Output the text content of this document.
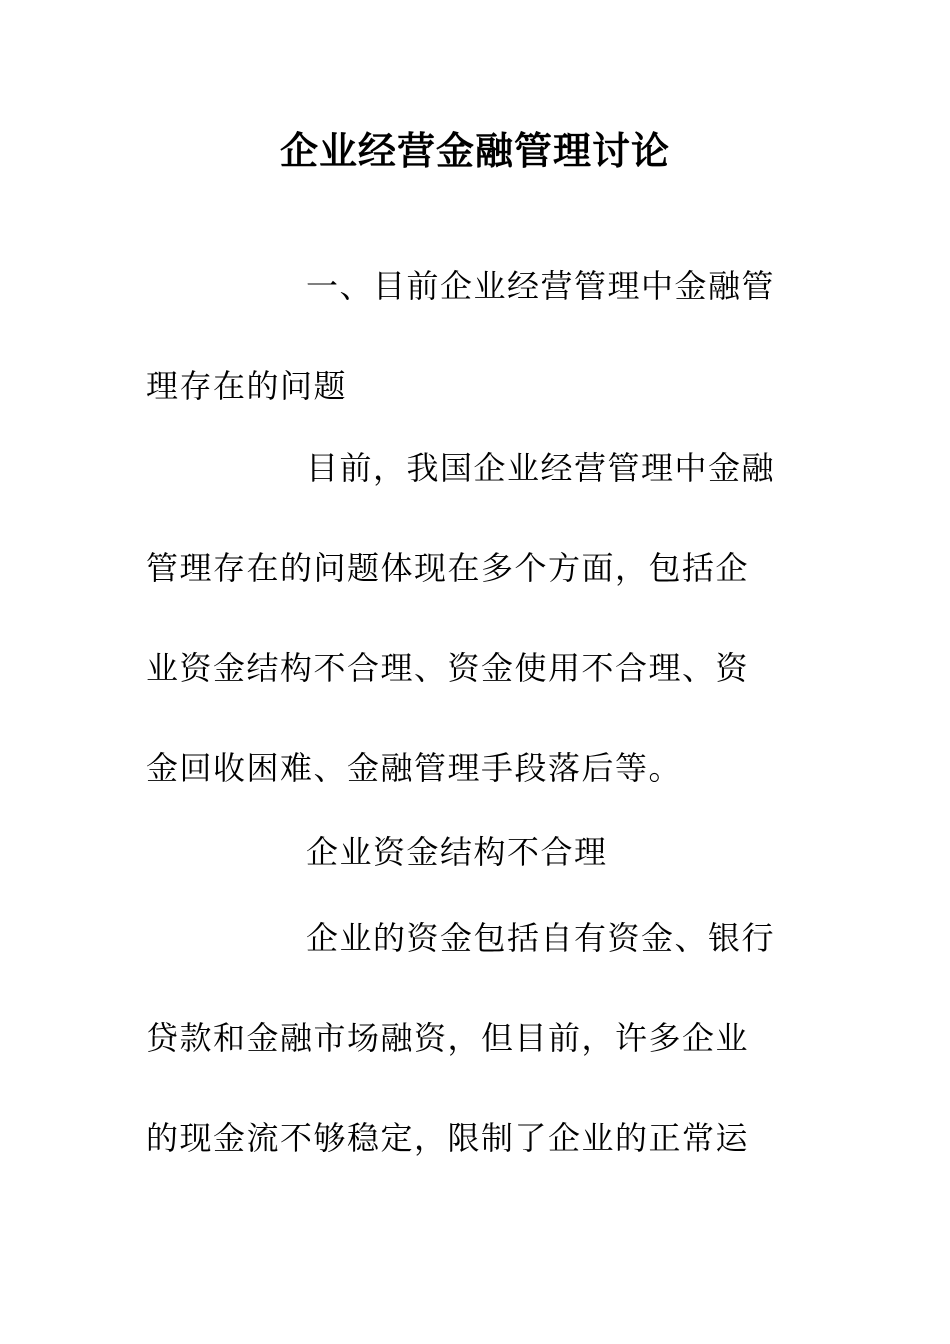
企业经营金融管理讨论
一、目前企业经营管理中金融管
理存在的问题
目前，我国企业经营管理中金融
管理存在的问题体现在多个方面，包括企
业资金结构不合理、资金使用不合理、资
金回收困难、金融管理手段落后等。
企业资金结构不合理
企业的资金包括自有资金、银行
贷款和金融市场融资，但目前，许多企业
的现金流不够稳定，限制了企业的正常运
